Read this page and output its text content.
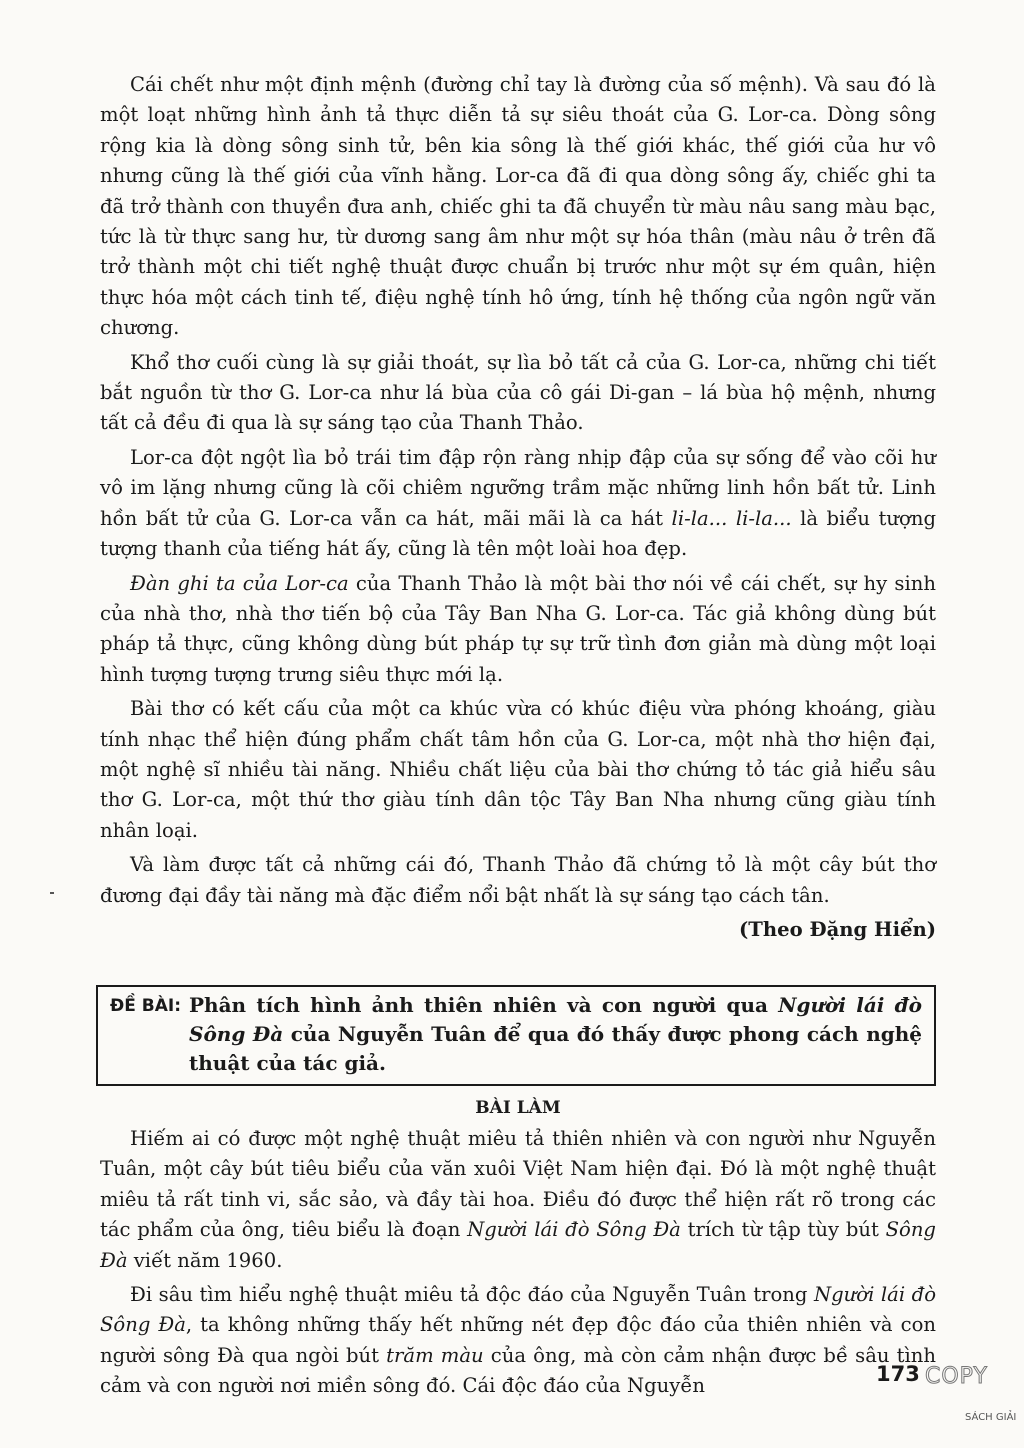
Cái chết như một định mệnh (đường chỉ tay là đường của số mệnh). Và sau đó là một loạt những hình ảnh tả thực diễn tả sự siêu thoát của G. Lor-ca. Dòng sông rộng kia là dòng sông sinh tử, bên kia sông là thế giới khác, thế giới của hư vô nhưng cũng là thế giới của vĩnh hằng. Lor-ca đã đi qua dòng sông ấy, chiếc ghi ta đã trở thành con thuyền đưa anh, chiếc ghi ta đã chuyển từ màu nâu sang màu bạc, tức là từ thực sang hư, từ dương sang âm như một sự hóa thân (màu nâu ở trên đã trở thành một chi tiết nghệ thuật được chuẩn bị trước như một sự ém quân, hiện thực hóa một cách tinh tế, điệu nghệ tính hô ứng, tính hệ thống của ngôn ngữ văn chương.

Khổ thơ cuối cùng là sự giải thoát, sự lìa bỏ tất cả của G. Lor-ca, những chi tiết bắt nguồn từ thơ G. Lor-ca như lá bùa của cô gái Di-gan – lá bùa hộ mệnh, nhưng tất cả đều đi qua là sự sáng tạo của Thanh Thảo.

Lor-ca đột ngột lìa bỏ trái tim đập rộn ràng nhịp đập của sự sống để vào cõi hư vô im lặng nhưng cũng là cõi chiêm ngưỡng trầm mặc những linh hồn bất tử. Linh hồn bất tử của G. Lor-ca vẫn ca hát, mãi mãi là ca hát li-la... li-la... là biểu tượng tượng thanh của tiếng hát ấy, cũng là tên một loài hoa đẹp.

Đàn ghi ta của Lor-ca của Thanh Thảo là một bài thơ nói về cái chết, sự hy sinh của nhà thơ, nhà thơ tiến bộ của Tây Ban Nha G. Lor-ca. Tác giả không dùng bút pháp tả thực, cũng không dùng bút pháp tự sự trữ tình đơn giản mà dùng một loại hình tượng tượng trưng siêu thực mới lạ.

Bài thơ có kết cấu của một ca khúc vừa có khúc điệu vừa phóng khoáng, giàu tính nhạc thể hiện đúng phẩm chất tâm hồn của G. Lor-ca, một nhà thơ hiện đại, một nghệ sĩ nhiều tài năng. Nhiều chất liệu của bài thơ chứng tỏ tác giả hiểu sâu thơ G. Lor-ca, một thứ thơ giàu tính dân tộc Tây Ban Nha nhưng cũng giàu tính nhân loại.

Và làm được tất cả những cái đó, Thanh Thảo đã chứng tỏ là một cây bút thơ đương đại đầy tài năng mà đặc điểm nổi bật nhất là sự sáng tạo cách tân.

(Theo Đặng Hiển)

ĐỀ BÀI: Phân tích hình ảnh thiên nhiên và con người qua Người lái đò Sông Đà của Nguyễn Tuân để qua đó thấy được phong cách nghệ thuật của tác giả.
BÀI LÀM

Hiếm ai có được một nghệ thuật miêu tả thiên nhiên và con người như Nguyễn Tuân, một cây bút tiêu biểu của văn xuôi Việt Nam hiện đại. Đó là một nghệ thuật miêu tả rất tinh vi, sắc sảo, và đầy tài hoa. Điều đó được thể hiện rất rõ trong các tác phẩm của ông, tiêu biểu là đoạn Người lái đò Sông Đà trích từ tập tùy bút Sông Đà viết năm 1960.

Đi sâu tìm hiểu nghệ thuật miêu tả độc đáo của Nguyễn Tuân trong Người lái đò Sông Đà, ta không những thấy hết những nét đẹp độc đáo của thiên nhiên và con người sông Đà qua ngòi bút trăm màu của ông, mà còn cảm nhận được bề sâu tình cảm và con người nơi miền sông đó. Cái độc đáo của Nguyễn	173 COPY
SÁCH GIẢI
